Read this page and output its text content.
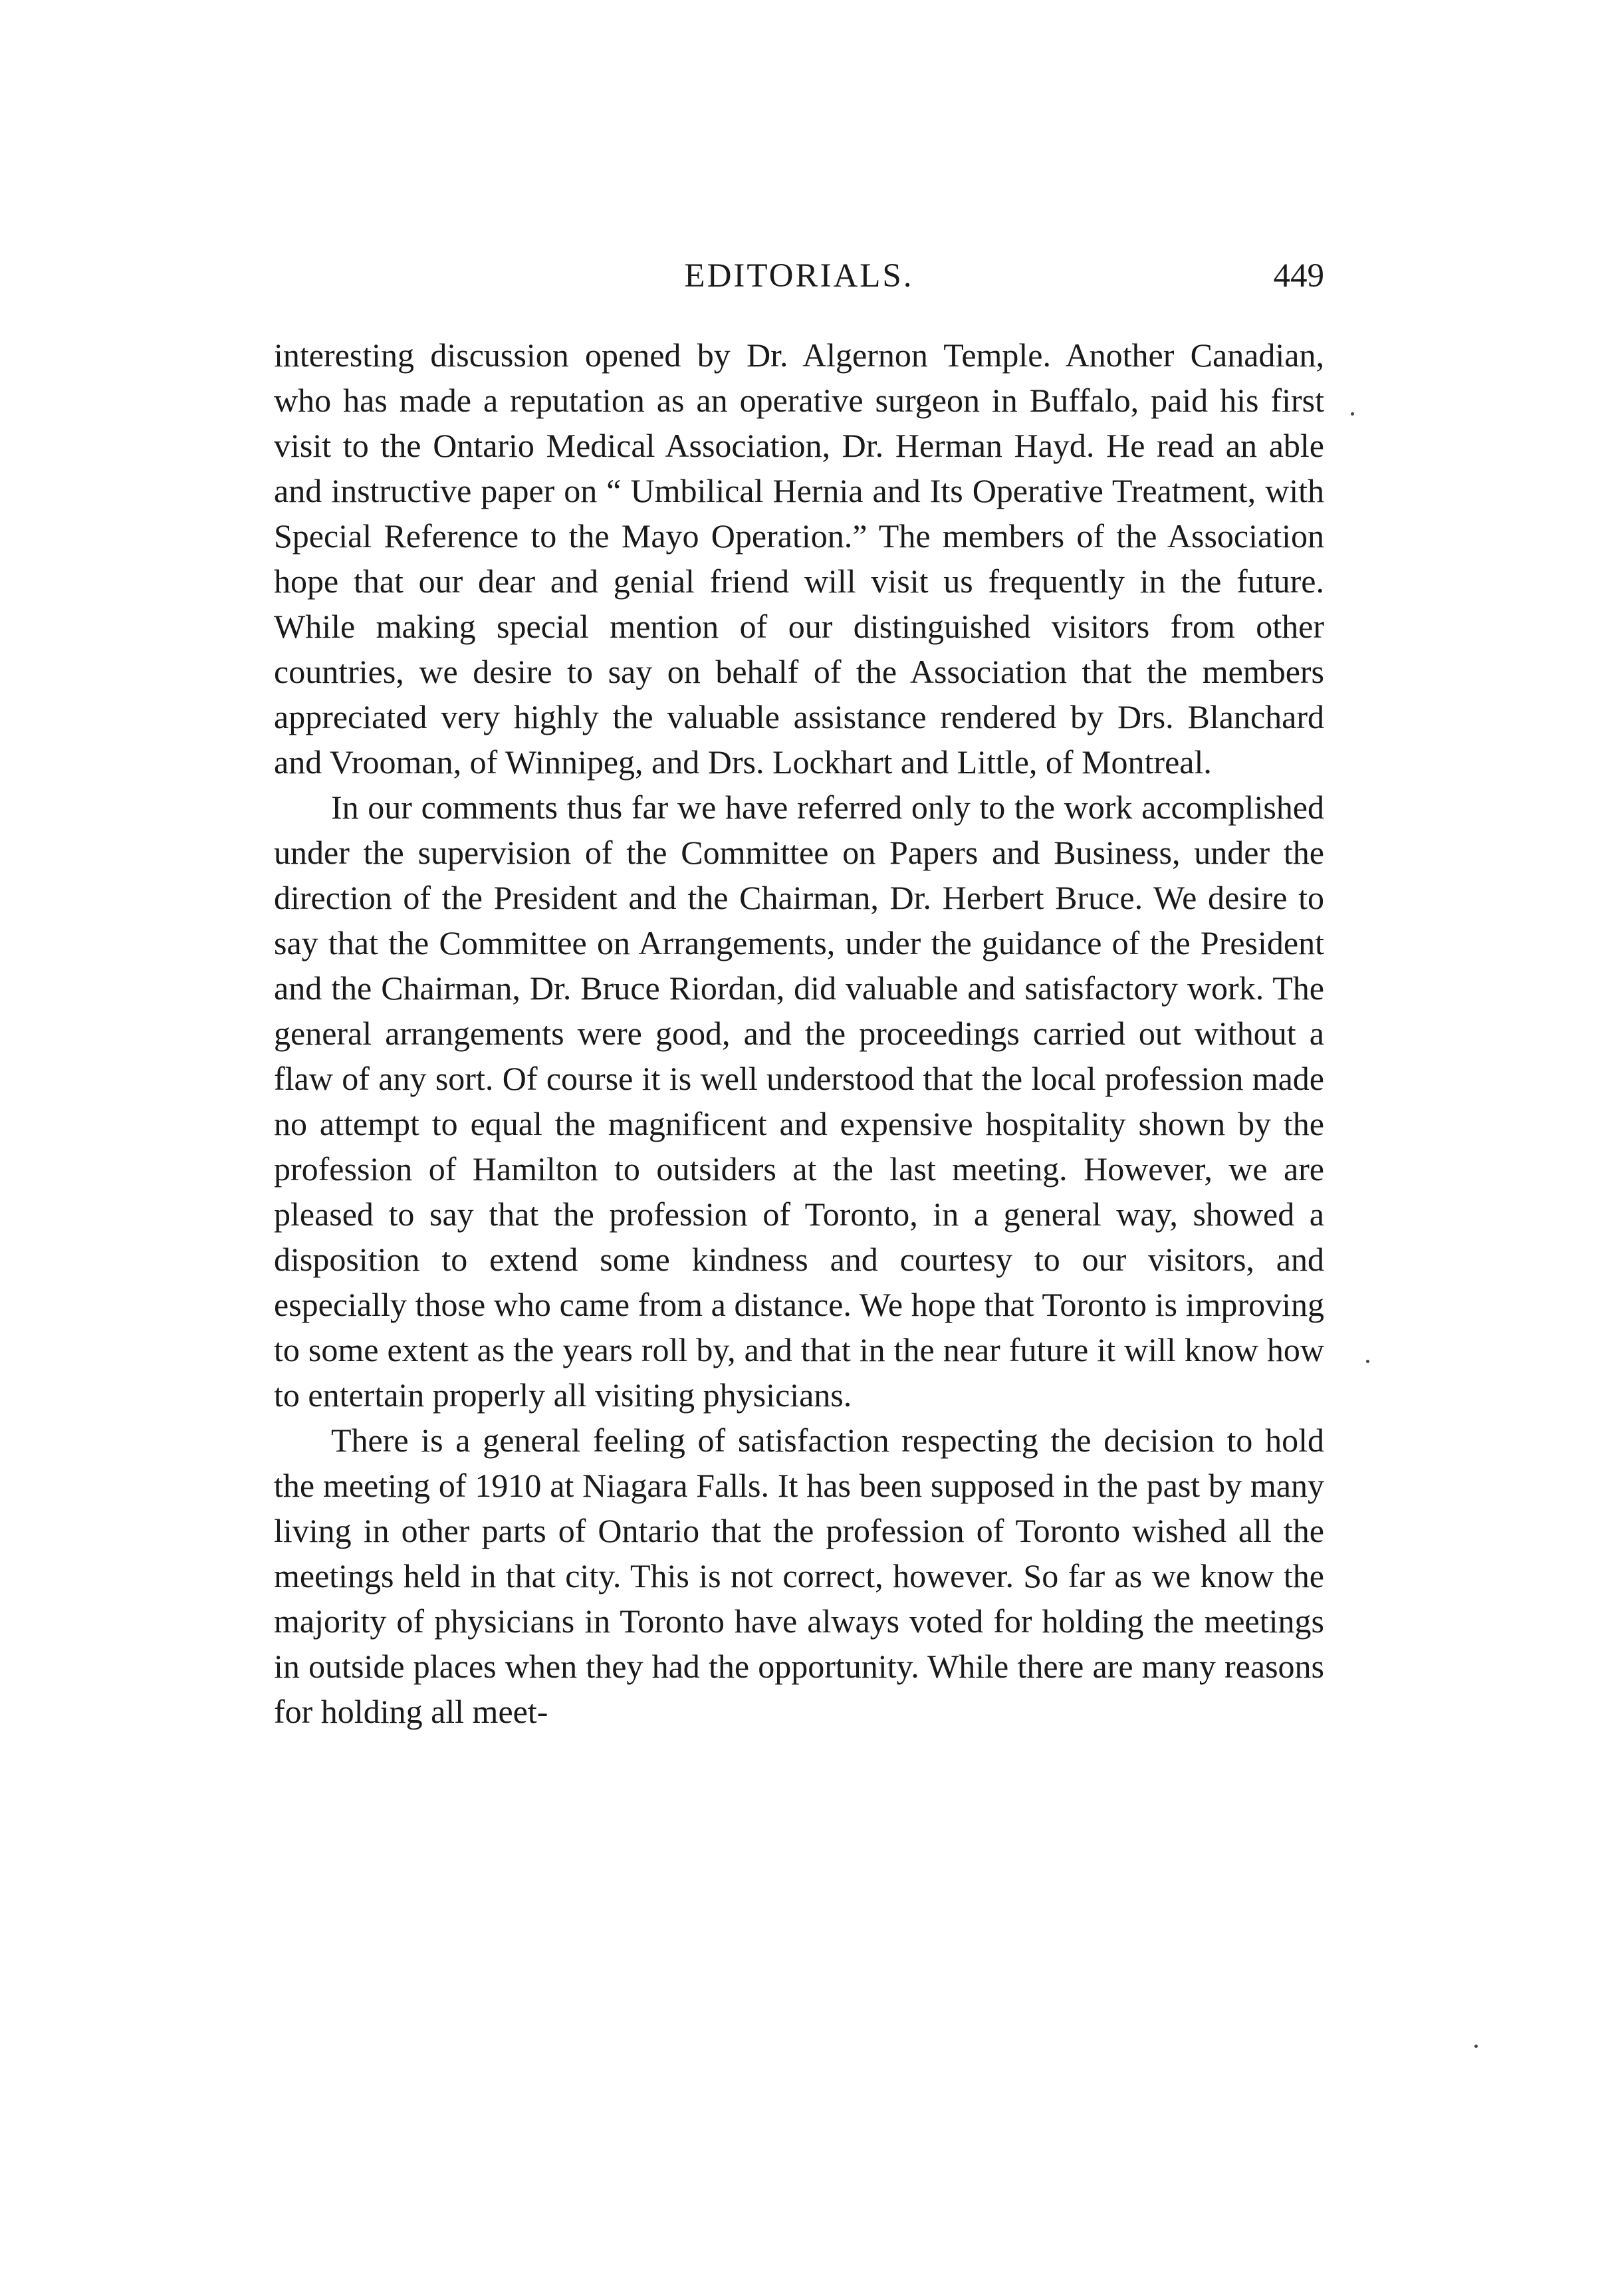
EDITORIALS.	449

interesting discussion opened by Dr. Algernon Temple. Another Canadian, who has made a reputation as an operative surgeon in Buffalo, paid his first visit to the Ontario Medical Association, Dr. Herman Hayd. He read an able and instructive paper on “ Umbilical Hernia and Its Operative Treatment, with Special Reference to the Mayo Operation.” The members of the Association hope that our dear and genial friend will visit us frequently in the future. While making special mention of our distinguished visitors from other countries, we desire to say on behalf of the Association that the members appreciated very highly the valuable assistance rendered by Drs. Blanchard and Vrooman, of Winnipeg, and Drs. Lockhart and Little, of Montreal.

In our comments thus far we have referred only to the work accomplished under the supervision of the Committee on Papers and Business, under the direction of the President and the Chairman, Dr. Herbert Bruce. We desire to say that the Committee on Arrangements, under the guidance of the President and the Chairman, Dr. Bruce Riordan, did valuable and satisfactory work. The general arrangements were good, and the proceedings carried out without a flaw of any sort. Of course it is well understood that the local profession made no attempt to equal the magnificent and expensive hospitality shown by the profession of Hamilton to outsiders at the last meeting. However, we are pleased to say that the profession of Toronto, in a general way, showed a disposition to extend some kindness and courtesy to our visitors, and especially those who came from a distance. We hope that Toronto is improving to some extent as the years roll by, and that in the near future it will know how to entertain properly all visiting physicians.

There is a general feeling of satisfaction respecting the decision to hold the meeting of 1910 at Niagara Falls. It has been supposed in the past by many living in other parts of Ontario that the profession of Toronto wished all the meetings held in that city. This is not correct, however. So far as we know the majority of physicians in Toronto have always voted for holding the meetings in outside places when they had the opportunity. While there are many reasons for holding all meet-
